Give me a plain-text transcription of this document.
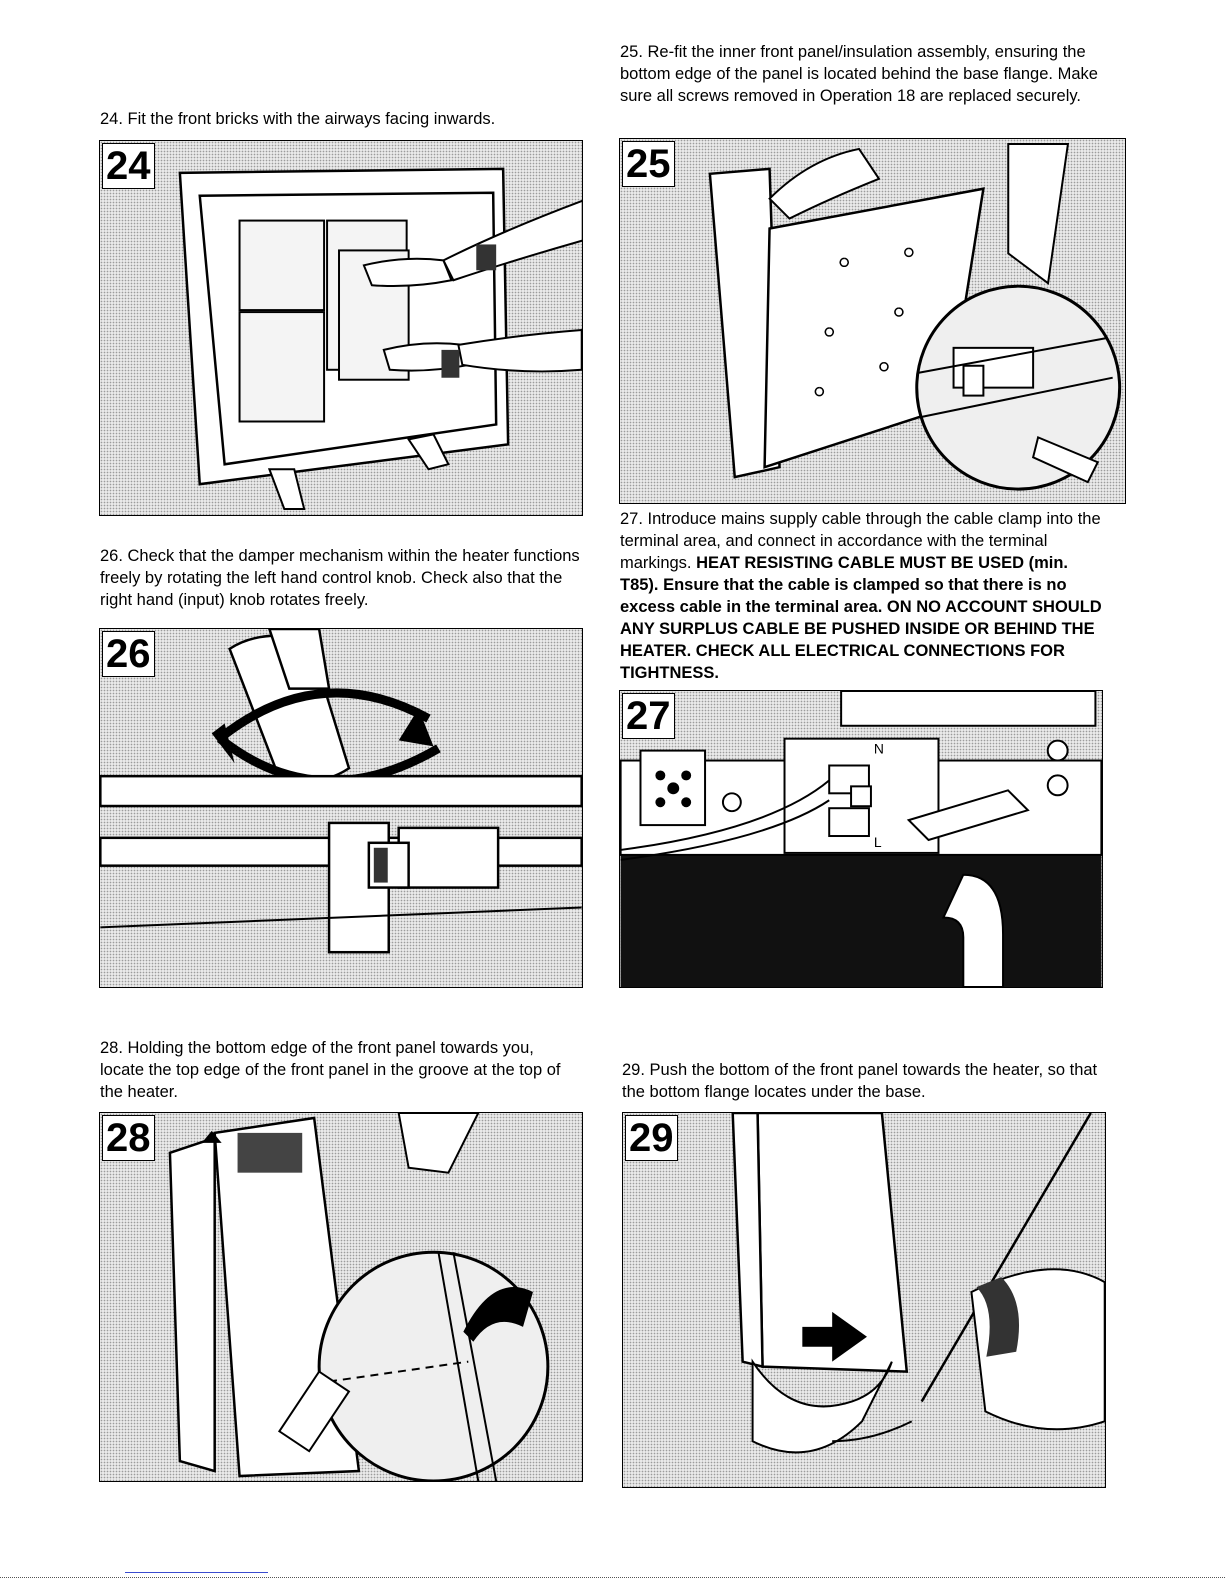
24. Fit the front bricks with the airways facing inwards.

24

25. Re-fit the inner front panel/insulation assembly, ensuring the bottom edge of the panel is located behind the base flange. Make sure all screws removed in Operation 18 are replaced securely.

25

26. Check that the damper mechanism within the heater functions freely by rotating the left hand control knob. Check also that the right hand (input) knob rotates freely.

26

27. Introduce mains supply cable through the cable clamp into the terminal area, and connect in accordance with the terminal markings. HEAT RESISTING CABLE MUST BE USED (min. T85). Ensure that the cable is clamped so that there is no excess cable in the terminal area. ON NO ACCOUNT SHOULD ANY SURPLUS CABLE BE PUSHED INSIDE OR BEHIND THE HEATER. CHECK ALL ELECTRICAL CONNECTIONS FOR TIGHTNESS.

27
N
L

28. Holding the bottom edge of the front panel towards you, locate the top edge of the front panel in the groove at the top of the heater.

28

29. Push the bottom of the front panel towards the heater, so that the bottom flange locates under the base.

29
